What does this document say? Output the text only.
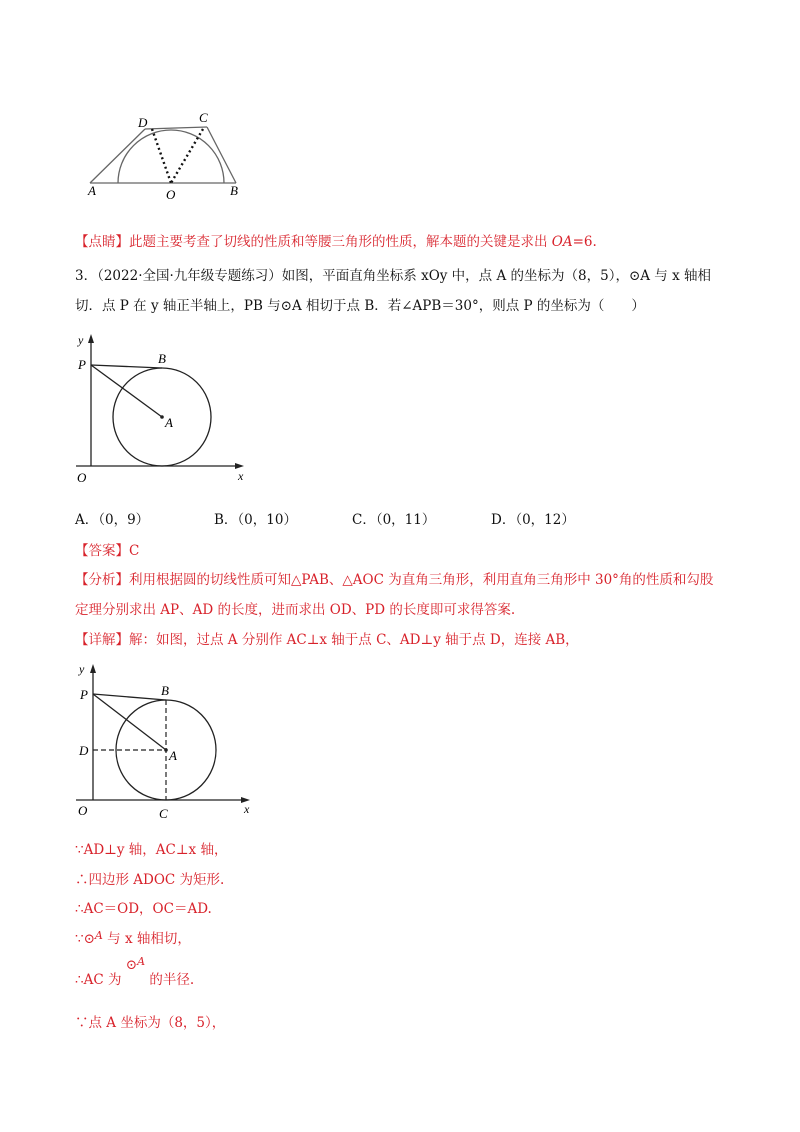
D	C
A	O	B
【点睛】此题主要考查了切线的性质和等腰三角形的性质，解本题的关键是求出 OA=6.
3．（2022·全国·九年级专题练习）如图，平面直角坐标系 xOy 中，点 A 的坐标为（8，5），⊙A 与 x 轴相
切．点 P 在 y 轴正半轴上，PB 与⊙A 相切于点 B．若∠APB＝30°，则点 P 的坐标为（　　）
y
P	B
A
O	x
A．（0，9）	B．（0，10）	C．（0，11）	D．（0，12）
【答案】C
【分析】利用根据圆的切线性质可知△PAB、△AOC 为直角三角形，利用直角三角形中 30°角的性质和勾股
定理分别求出 AP、AD 的长度，进而求出 OD、PD 的长度即可求得答案.
【详解】解：如图，过点 A 分别作 AC⊥x 轴于点 C、AD⊥y 轴于点 D，连接 AB，
y
P	B
D	A
O	C	x
∵AD⊥y 轴，AC⊥x 轴，
∴四边形 ADOC 为矩形.
∴AC＝OD，OC＝AD.
∵⊙$^A$ 与 x 轴相切，
∴AC 为 ⊙$^A$ 的半径.
∵点 A 坐标为（8，5），
